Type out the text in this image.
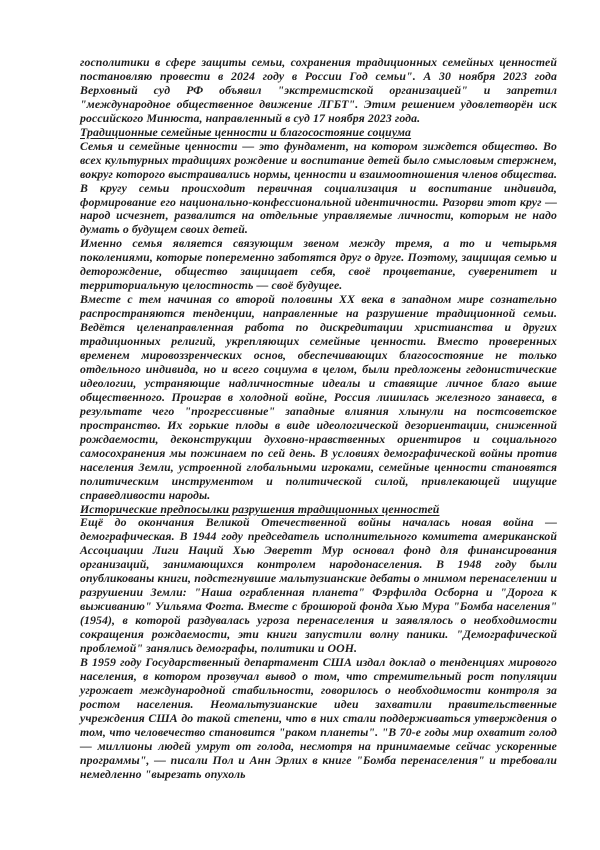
госполитики в сфере защиты семьи, сохранения традиционных семейных ценностей постановляю провести в 2024 году в России Год семьи". А 30 ноября 2023 года Верховный суд РФ объявил "экстремистской организацией" и запретил "международное общественное движение ЛГБТ". Этим решением удовлетворён иск российского Минюста, направленный в суд 17 ноября 2023 года.
Традиционные семейные ценности и благосостояние социума
Семья и семейные ценности — это фундамент, на котором зиждется общество. Во всех культурных традициях рождение и воспитание детей было смысловым стержнем, вокруг которого выстраивались нормы, ценности и взаимоотношения членов общества. В кругу семьи происходит первичная социализация и воспитание индивида, формирование его национально-конфессиональной идентичности. Разорви этот круг — народ исчезнет, развалится на отдельные управляемые личности, которым не надо думать о будущем своих детей.
Именно семья является связующим звеном между тремя, а то и четырьмя поколениями, которые попеременно заботятся друг о друге. Поэтому, защищая семью и деторождение, общество защищает себя, своё процветание, суверенитет и территориальную целостность — своё будущее.
Вместе с тем начиная со второй половины XX века в западном мире сознательно распространяются тенденции, направленные на разрушение традиционной семьи. Ведётся целенаправленная работа по дискредитации христианства и других традиционных религий, укрепляющих семейные ценности. Вместо проверенных временем мировоззренческих основ, обеспечивающих благосостояние не только отдельного индивида, но и всего социума в целом, были предложены гедонистические идеологии, устраняющие надличностные идеалы и ставящие личное благо выше общественного. Проиграв в холодной войне, Россия лишилась железного занавеса, в результате чего "прогрессивные" западные влияния хлынули на постсоветское пространство. Их горькие плоды в виде идеологической дезориентации, сниженной рождаемости, деконструкции духовно-нравственных ориентиров и социального самосохранения мы пожинаем по сей день. В условиях демографической войны против населения Земли, устроенной глобальными игроками, семейные ценности становятся политическим инструментом и политической силой, привлекающей ищущие справедливости народы.
Исторические предпосылки разрушения традиционных ценностей
Ещё до окончания Великой Отечественной войны началась новая война — демографическая. В 1944 году председатель исполнительного комитета американской Ассоциации Лиги Наций Хью Эверетт Мур основал фонд для финансирования организаций, занимающихся контролем народонаселения. В 1948 году были опубликованы книги, подстегнувшие мальтузианские дебаты о мнимом перенаселении и разрушении Земли: "Наша ограбленная планета" Фэрфилда Осборна и "Дорога к выживанию" Уильяма Фогта. Вместе с брошюрой фонда Хью Мура "Бомба населения" (1954), в которой раздувалась угроза перенаселения и заявлялось о необходимости сокращения рождаемости, эти книги запустили волну паники. "Демографической проблемой" занялись демографы, политики и ООН.
В 1959 году Государственный департамент США издал доклад о тенденциях мирового населения, в котором прозвучал вывод о том, что стремительный рост популяции угрожает международной стабильности, говорилось о необходимости контроля за ростом населения. Неомальтузианские идеи захватили правительственные учреждения США до такой степени, что в них стали поддерживаться утверждения о том, что человечество становится "раком планеты". "В 70-е годы мир охватит голод — миллионы людей умрут от голода, несмотря на принимаемые сейчас ускоренные программы", — писали Пол и Анн Эрлих в книге "Бомба перенаселения" и требовали немедленно "вырезать опухоль
